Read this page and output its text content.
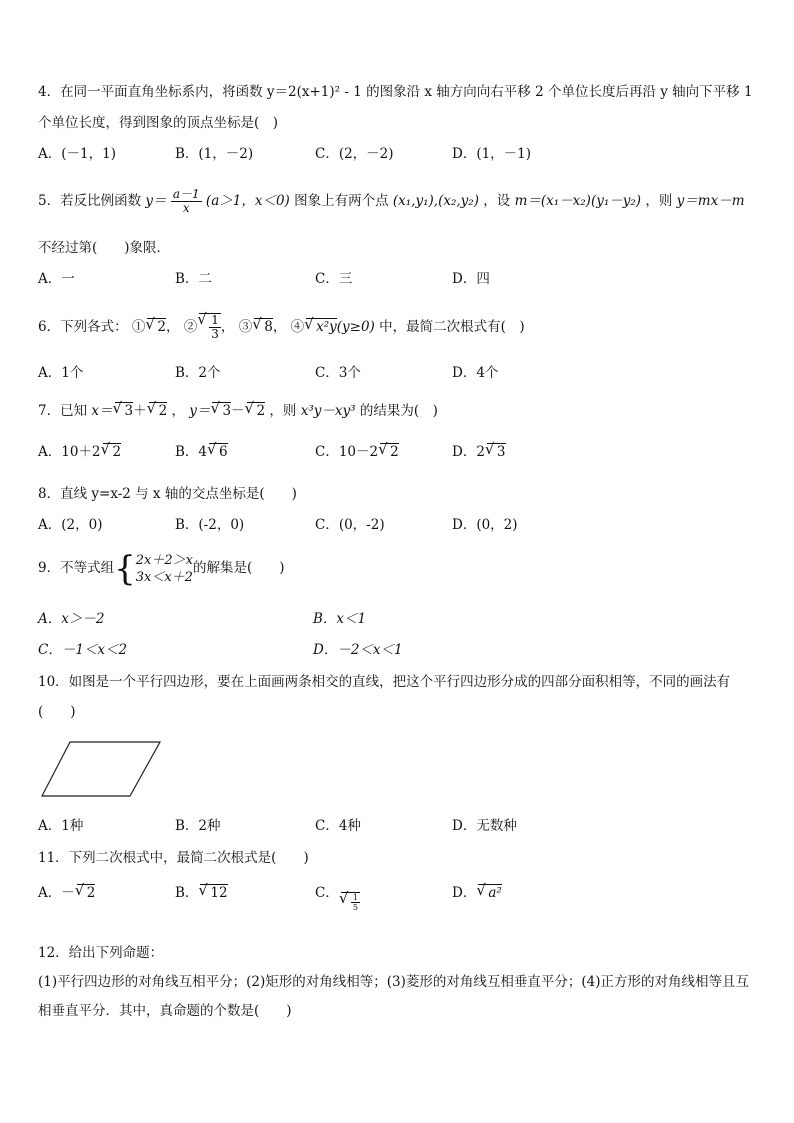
4．在同一平面直角坐标系内，将函数 y＝2(x+1)² - 1 的图象沿 x 轴方向向右平移 2 个单位长度后再沿 y 轴向下平移 1
个单位长度，得到图象的顶点坐标是(　)
A．(－1，1)	B．(1，－2)	C．(2，－2)	D．(1，－1)
5．若反比例函数 $y= \frac{a-1}{x} (a>1$，x＜0) 图象上有两个点 (x₁,y₁),(x₂,y₂) ，设 m＝(x₁－x₂)(y₁－y₂) ，则 y＝mx－m
不经过第(　　)象限．
A．一	B．二	C．三	D．四
6．下列各式： ① √ 2， ② √ $\frac{1}{3}$ ， ③ √ 8， ④ √ x²y(y≥0) 中，最简二次根式有(　)
A．1个	B．2个	C．3个	D．4个
7．已知 x＝ √ 3＋ √ 2 ， y＝ √ 3－ √ 2 ，则 x³y－xy³ 的结果为(　)
A．10＋2 √ 2	B．4 √ 6	C．10－2 √ 2	D．2 √ 3
8．直线 y=x-2 与 x 轴的交点坐标是(　　)
A．(2，0)	B．(-2，0)	C．(0，-2)	D．(0，2)
9．不等式组{ 2x＋2＞x
3x＜x＋2
的解集是(　　)
A．x＞－2	B．x＜1
C．－1＜x＜2	D．－2＜x＜1
10．如图是一个平行四边形，要在上面画两条相交的直线，把这个平行四边形分成的四部分面积相等，不同的画法有
(　　)
A．1种	B．2种	C．4种	D．无数种
11．下列二次根式中，最简二次根式是(　　)
A．－ √ 2	B． √ 12	C． √ $\frac{1}{5}$	D． √ a²
12．给出下列命题：
(1)平行四边形的对角线互相平分；(2)矩形的对角线相等；(3)菱形的对角线互相垂直平分；(4)正方形的对角线相等且互
相垂直平分．其中，真命题的个数是(　　)
